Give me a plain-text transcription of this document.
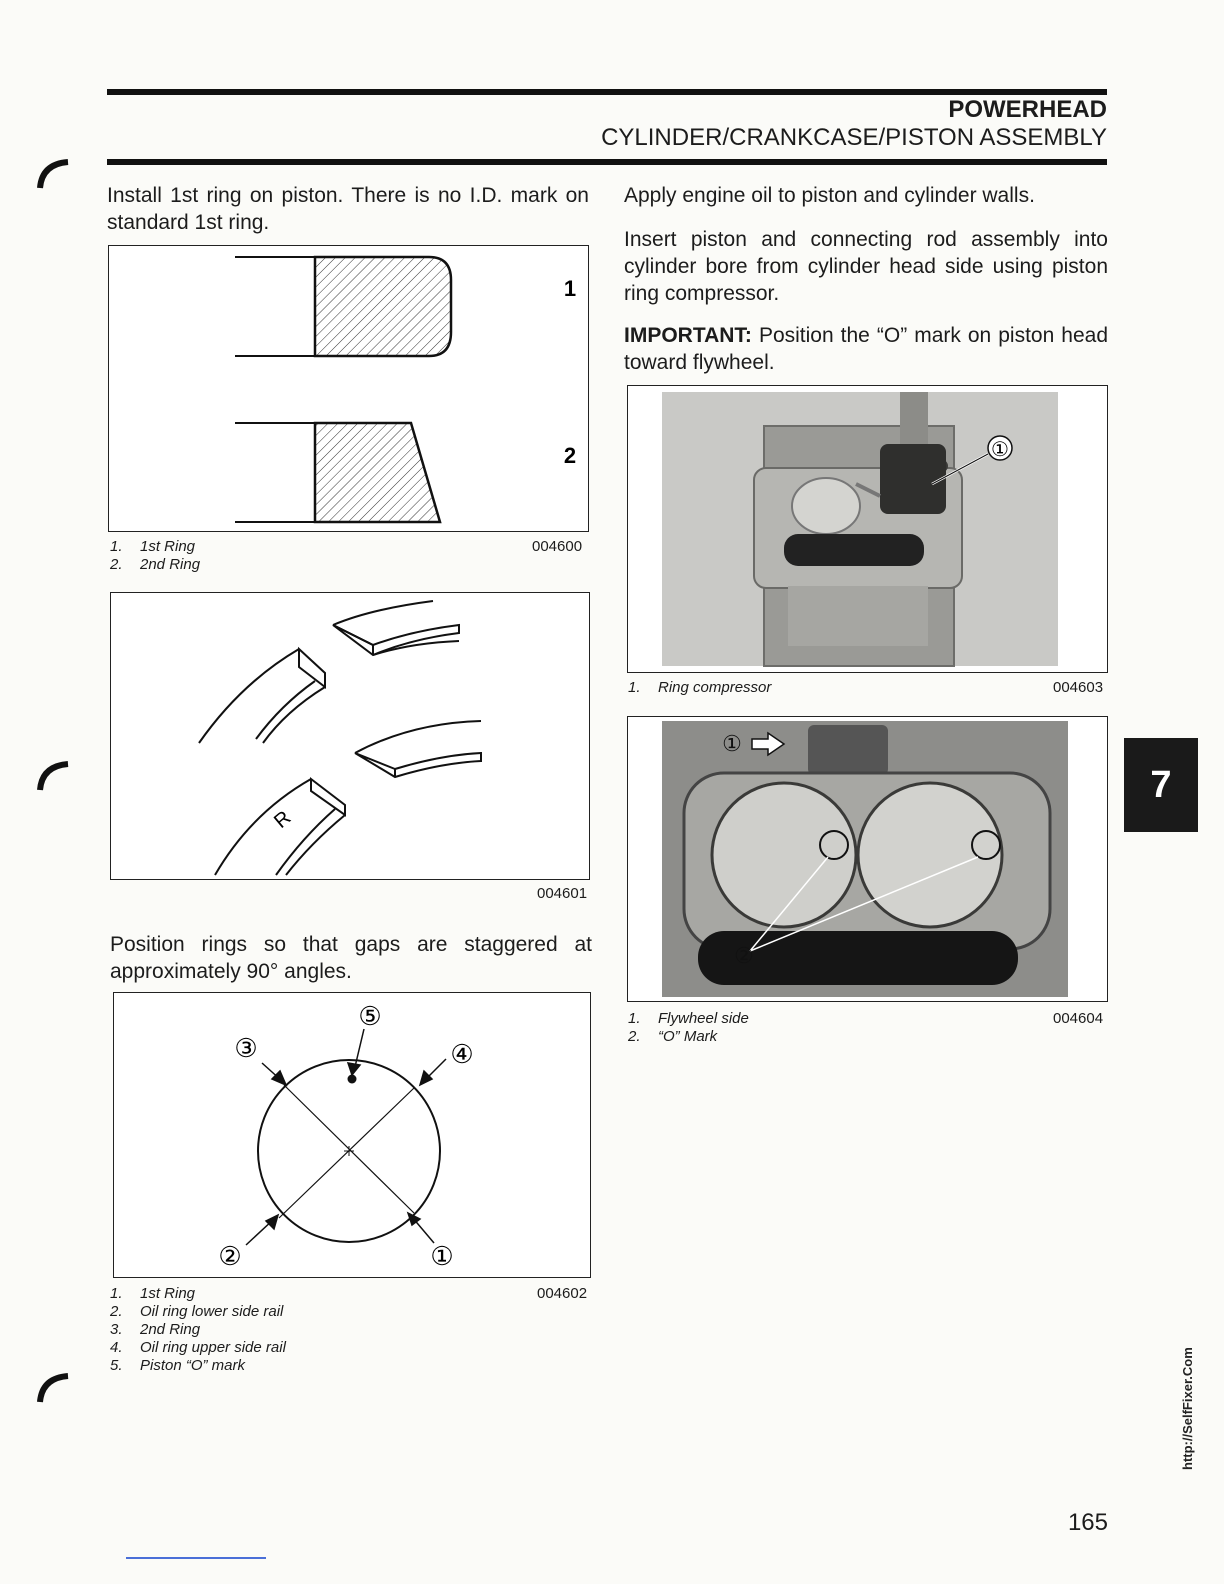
POWERHEAD
CYLINDER/CRANKCASE/PISTON ASSEMBLY
Install 1st ring on piston. There is no I.D. mark on standard 1st ring.
1
2
1. 1st Ring
2. 2nd Ring
004600
R
004601
Position rings so that gaps are staggered at approximately 90° angles.
⑤
③	④
②	①
1. 1st Ring
2. Oil ring lower side rail
3. 2nd Ring
4. Oil ring upper side rail
5. Piston “O” mark
004602
Apply engine oil to piston and cylinder walls.
Insert piston and connecting rod assembly into cylinder bore from cylinder head side using piston ring compressor.
IMPORTANT: Position the “O” mark on piston head toward flywheel.
①
1. Ring compressor	004603
②
①
1. Flywheel side
2. “O” Mark
004604
7
http://SelfFixer.Com
165
